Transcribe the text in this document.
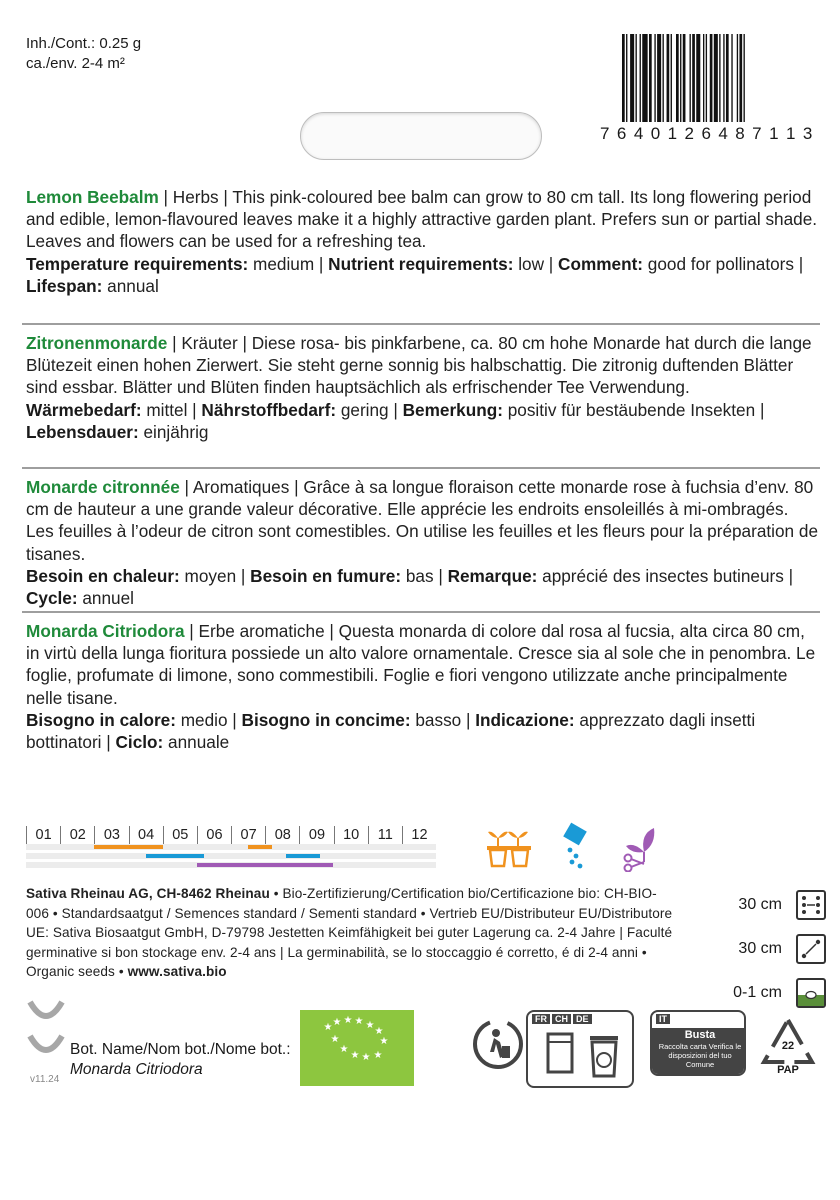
Inh./Cont.: 0.25 g
ca./env. 2-4 m²
7 6 4 0 1 2 6 4 8 7 1 1 3
Lemon Beebalm | Herbs | This pink-coloured bee balm can grow to 80 cm tall. Its long flowering period and edible, lemon-flavoured leaves make it a highly attractive garden plant. Prefers sun or partial shade. Leaves and flowers can be used for a refreshing tea.
Temperature requirements: medium | Nutrient requirements: low | Comment: good for pollinators | Lifespan: annual
Zitronenmonarde | Kräuter | Diese rosa- bis pinkfarbene, ca. 80 cm hohe Monarde hat durch die lange Blütezeit einen hohen Zierwert. Sie steht gerne sonnig bis halbschattig. Die zitronig duftenden Blätter sind essbar. Blätter und Blüten finden hauptsächlich als erfrischender Tee Verwendung.
Wärmebedarf: mittel | Nährstoffbedarf: gering | Bemerkung: positiv für bestäubende Insekten | Lebensdauer: einjährig
Monarde citronnée | Aromatiques | Grâce à sa longue floraison cette monarde rose à fuchsia d’env. 80 cm de hauteur a une grande valeur décorative. Elle apprécie les endroits ensoleillés à mi-ombragés. Les feuilles à l’odeur de citron sont comestibles. On utilise les feuilles et les fleurs pour la préparation de tisanes.
Besoin en chaleur: moyen | Besoin en fumure: bas | Remarque: apprécié des insectes butineurs | Cycle: annuel
Monarda Citriodora | Erbe aromatiche | Questa monarda di colore dal rosa al fucsia, alta circa 80 cm, in virtù della lunga fioritura possiede un alto valore ornamentale. Cresce sia al sole che in penombra. Le foglie, profumate di limone, sono commestibili. Foglie e fiori vengono utilizzate anche principalmente nelle tisane.
Bisogno in calore: medio | Bisogno in concime: basso | Indicazione: apprezzato dagli insetti bottinatori | Ciclo: annuale
01	02	03	04	05	06	07	08	09	10	11	12
Sativa Rheinau AG, CH-8462 Rheinau • Bio-Zertifizierung/Certification bio/Certificazione bio: CH-BIO-006 • Standardsaatgut / Semences standard / Sementi standard • Vertrieb EU/Distributeur EU/Distributore UE: Sativa Biosaatgut GmbH, D-79798 Jestetten Keimfähigkeit bei guter Lagerung ca. 2-4 Jahre | Faculté germinative si bon stockage env. 2-4 ans | La germinabilità, se lo stoccaggio é corretto, é di 2-4 anni • Organic seeds • www.sativa.bio
30 cm
30 cm
0-1 cm
Bot. Name/Nom bot./Nome bot.:
Monarda Citriodora
v11.24
★ ★ ★ ★ ★
★
★
★
★
★ ★ ★
FR CH DE	IT
Busta
Raccolta carta Verifica le disposizioni del tuo Comune
22
PAP
